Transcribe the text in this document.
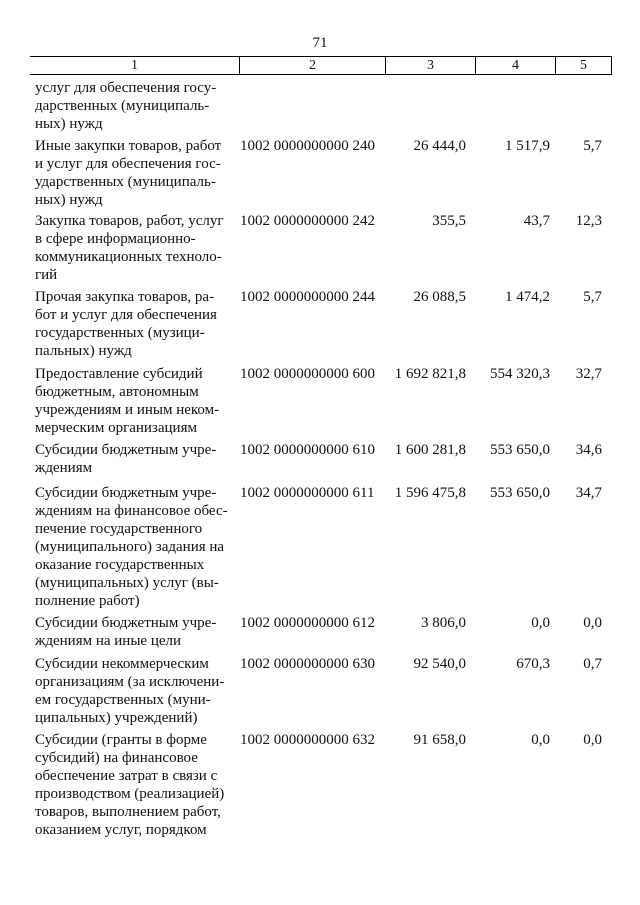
71
1	2	3	4	5
услуг для обеспечения госу-
дарственных (муниципаль-
ных) нужд
Иные закупки товаров, работ
и услуг для обеспечения гос-
ударственных (муниципаль-
ных) нужд
1002 0000000000 240	26 444,0	1 517,9	5,7
Закупка товаров, работ, услуг
в сфере информационно-
коммуникационных техноло-
гий
1002 0000000000 242	355,5	43,7	12,3
Прочая закупка товаров, ра-
бот и услуг для обеспечения
государственных (музици-
пальных) нужд
1002 0000000000 244	26 088,5	1 474,2	5,7
Предоставление субсидий
бюджетным, автономным
учреждениям и иным неком-
мерческим организациям
1002 0000000000 600	1 692 821,8	554 320,3	32,7
Субсидии бюджетным учре-
ждениям
1002 0000000000 610	1 600 281,8	553 650,0	34,6
Субсидии бюджетным учре-
ждениям на финансовое обес-
печение государственного
(муниципального) задания на
оказание государственных
(муниципальных) услуг (вы-
полнение работ)
1002 0000000000 611	1 596 475,8	553 650,0	34,7
Субсидии бюджетным учре-
ждениям на иные цели
1002 0000000000 612	3 806,0	0,0	0,0
Субсидии некоммерческим
организациям (за исключени-
ем государственных (муни-
ципальных) учреждений)
1002 0000000000 630	92 540,0	670,3	0,7
Субсидии (гранты в форме
субсидий) на финансовое
обеспечение затрат в связи с
производством (реализацией)
товаров, выполнением работ,
оказанием услуг, порядком
1002 0000000000 632	91 658,0	0,0	0,0
